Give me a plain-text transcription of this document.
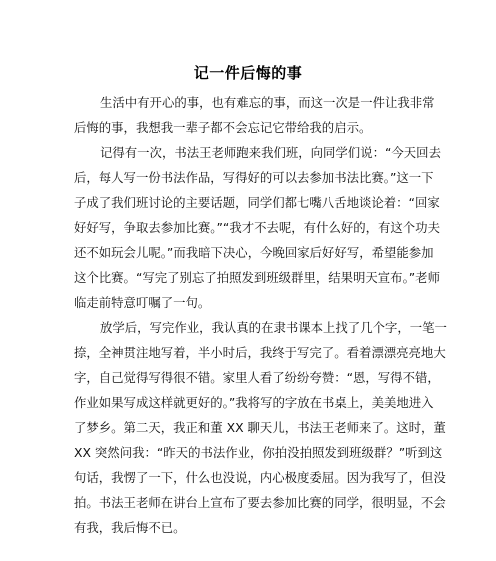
记一件后悔的事
生活中有开心的事，也有难忘的事，而这一次是一件让我非常
后悔的事，我想我一辈子都不会忘记它带给我的启示。
记得有一次，书法王老师跑来我们班，向同学们说：“今天回去
后，每人写一份书法作品，写得好的可以去参加书法比赛。”这一下
子成了我们班讨论的主要话题，同学们都七嘴八舌地谈论着：“回家
好好写，争取去参加比赛。”“我才不去呢，有什么好的，有这个功夫
还不如玩会儿呢。”而我暗下决心，今晚回家后好好写，希望能参加
这个比赛。“写完了别忘了拍照发到班级群里，结果明天宣布。”老师
临走前特意叮嘱了一句。
放学后，写完作业，我认真的在隶书课本上找了几个字，一笔一
捺，全神贯注地写着，半小时后，我终于写完了。看着漂漂亮亮地大
字，自己觉得写得很不错。家里人看了纷纷夸赞：“恩，写得不错，
作业如果写成这样就更好的。”我将写的字放在书桌上，美美地进入
了梦乡。第二天，我正和董 XX 聊天儿，书法王老师来了。这时，董
XX 突然问我：“昨天的书法作业，你拍没拍照发到班级群？”听到这
句话，我愣了一下，什么也没说，内心极度委屈。因为我写了，但没
拍。书法王老师在讲台上宣布了要去参加比赛的同学，很明显，不会
有我，我后悔不已。
